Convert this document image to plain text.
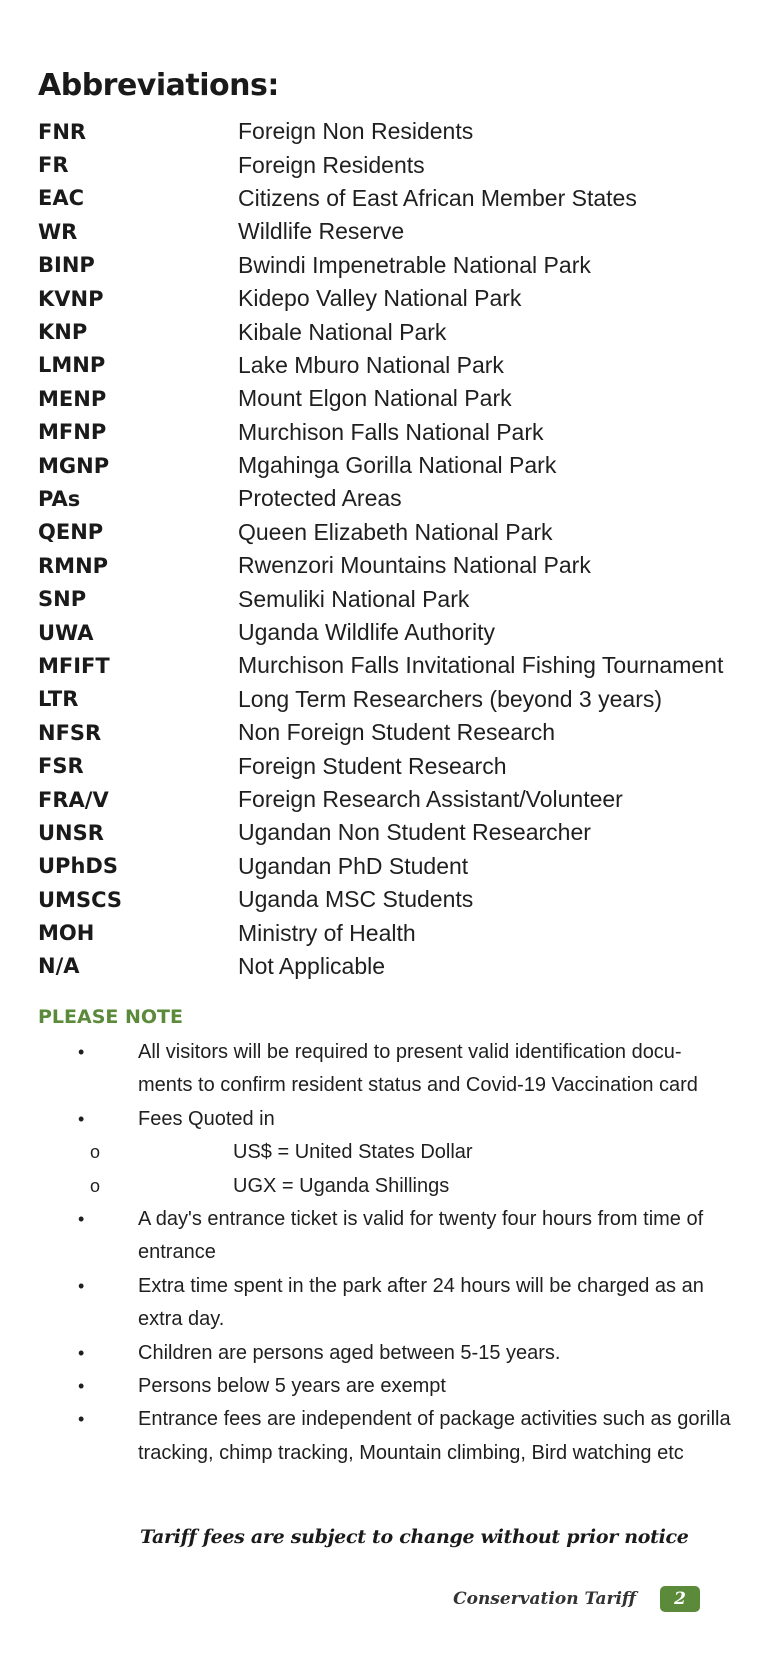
Abbreviations:
FNR	Foreign Non Residents
FR	Foreign Residents
EAC	Citizens of East African Member States
WR	Wildlife Reserve
BINP	Bwindi Impenetrable National Park
KVNP	Kidepo Valley National Park
KNP	Kibale National Park
LMNP	Lake Mburo National Park
MENP	Mount Elgon National Park
MFNP	Murchison Falls National Park
MGNP	Mgahinga Gorilla National Park
PAs	Protected Areas
QENP	Queen Elizabeth National Park
RMNP	Rwenzori Mountains National Park
SNP	Semuliki National Park
UWA	Uganda Wildlife Authority
MFIFT	Murchison Falls Invitational Fishing Tournament
LTR	Long Term Researchers (beyond 3 years)
NFSR	Non Foreign Student Research
FSR	Foreign Student Research
FRA/V	Foreign Research Assistant/Volunteer
UNSR	Ugandan Non Student Researcher
UPhDS	Ugandan PhD Student
UMSCS	Uganda MSC Students
MOH	Ministry of Health
N/A	Not Applicable
PLEASE NOTE
•	All visitors will be required to present valid identification docu-
ments to confirm resident status and Covid-19 Vaccination card
•	Fees Quoted in
o	US$ = United States Dollar
o	UGX = Uganda Shillings
•	A day's entrance ticket is valid for twenty four hours from time of
entrance
•	Extra time spent in the park after 24 hours will be charged as an
extra day.
•	Children are persons aged between 5-15 years.
•	Persons below 5 years are exempt
•	Entrance fees are independent of package activities such as gorilla
tracking, chimp tracking, Mountain climbing, Bird watching etc
Tariff fees are subject to change without prior notice
Conservation Tariff	2
